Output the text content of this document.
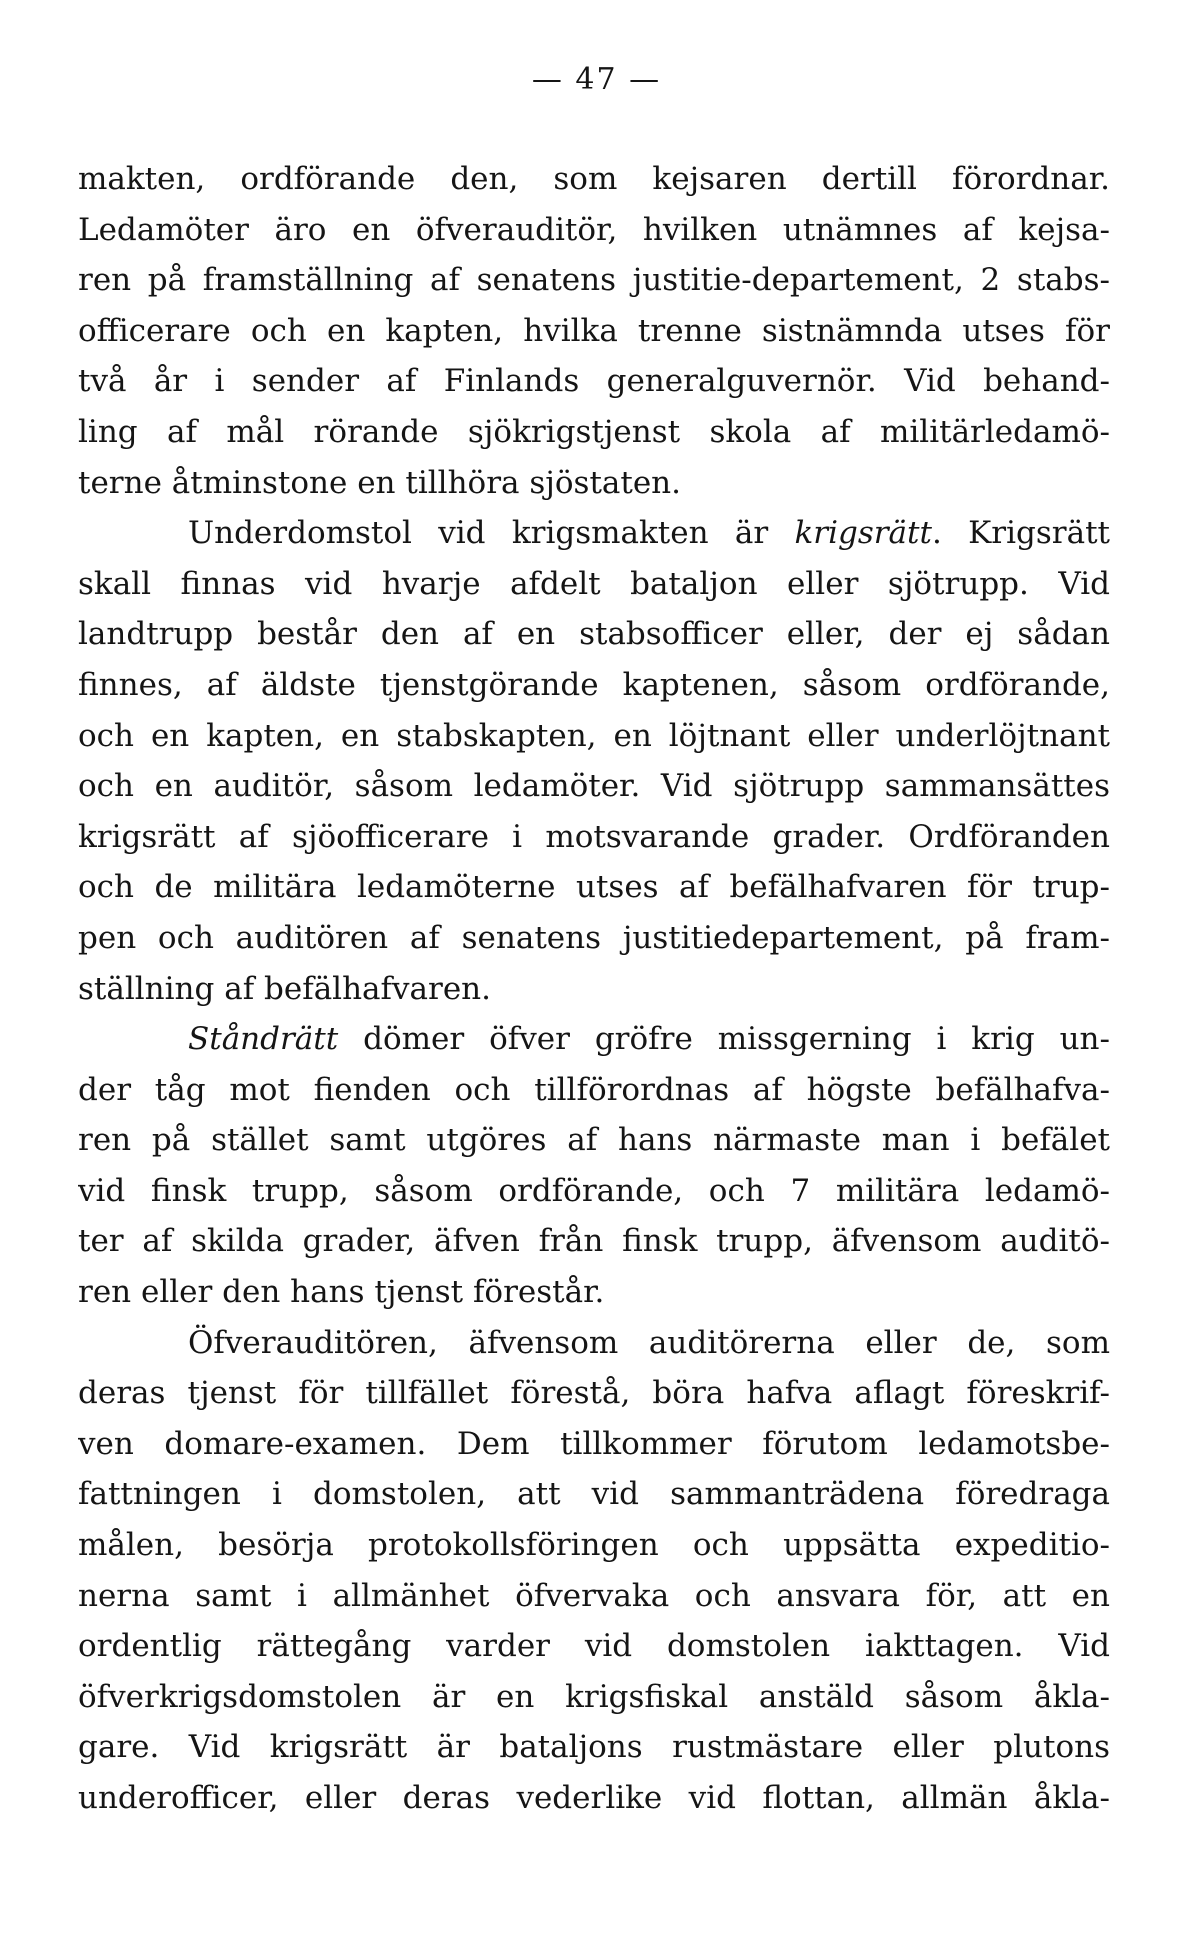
— 47 —
makten, ordförande den, som kejsaren dertill förordnar.
Ledamöter äro en öfverauditör, hvilken utnämnes af kejsa-
ren på framställning af senatens justitie-departement, 2 stabs-
officerare och en kapten, hvilka trenne sistnämnda utses för
två år i sender af Finlands generalguvernör. Vid behand-
ling af mål rörande sjökrigstjenst skola af militärledamö-
terne åtminstone en tillhöra sjöstaten.
Underdomstol vid krigsmakten är krigsrätt. Krigsrätt
skall finnas vid hvarje afdelt bataljon eller sjötrupp. Vid
landtrupp består den af en stabsofficer eller, der ej sådan
finnes, af äldste tjenstgörande kaptenen, såsom ordförande,
och en kapten, en stabskapten, en löjtnant eller underlöjtnant
och en auditör, såsom ledamöter. Vid sjötrupp sammansättes
krigsrätt af sjöofficerare i motsvarande grader. Ordföranden
och de militära ledamöterne utses af befälhafvaren för trup-
pen och auditören af senatens justitiedepartement, på fram-
ställning af befälhafvaren.
Ståndrätt dömer öfver gröfre missgerning i krig un-
der tåg mot fienden och tillförordnas af högste befälhafva-
ren på stället samt utgöres af hans närmaste man i befälet
vid finsk trupp, såsom ordförande, och 7 militära ledamö-
ter af skilda grader, äfven från finsk trupp, äfvensom auditö-
ren eller den hans tjenst förestår.
Öfverauditören, äfvensom auditörerna eller de, som
deras tjenst för tillfället förestå, böra hafva aflagt föreskrif-
ven domare-examen. Dem tillkommer förutom ledamotsbe-
fattningen i domstolen, att vid sammanträdena föredraga
målen, besörja protokollsföringen och uppsätta expeditio-
nerna samt i allmänhet öfvervaka och ansvara för, att en
ordentlig rättegång varder vid domstolen iakttagen. Vid
öfverkrigsdomstolen är en krigsfiskal anstäld såsom åkla-
gare. Vid krigsrätt är bataljons rustmästare eller plutons
underofficer, eller deras vederlike vid flottan, allmän åkla-
